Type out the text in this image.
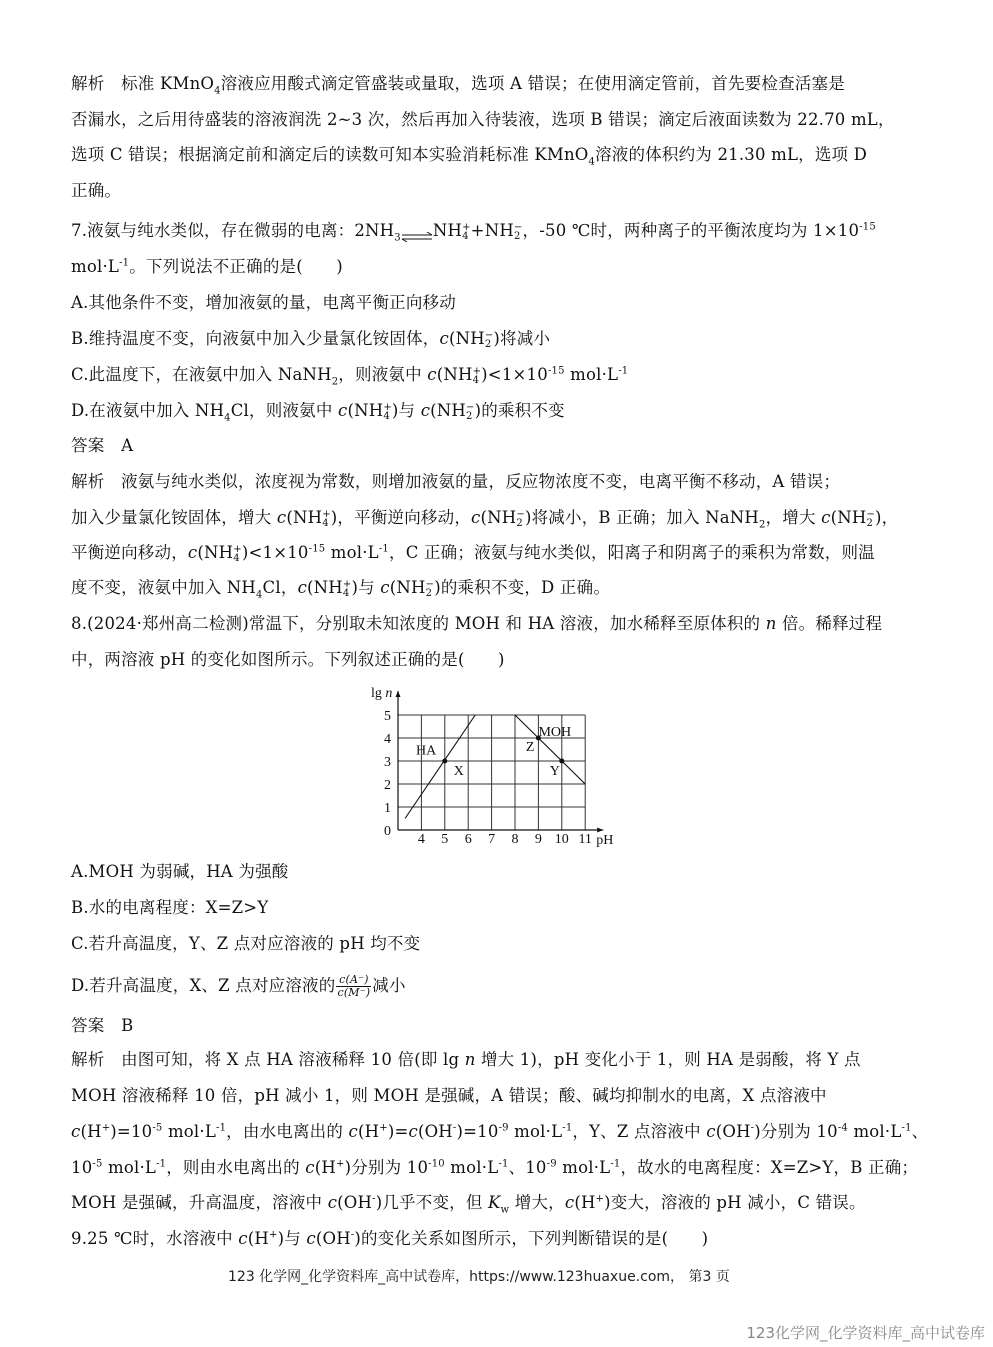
解析　标准 KMnO$_4$溶液应用酸式滴定管盛装或量取，选项 A 错误；在使用滴定管前，首先要检查活塞是
否漏水，之后用待盛装的溶液润洗 2~3 次，然后再加入待装液，选项 B 错误；滴定后液面读数为 22.70 mL，
选项 C 错误；根据滴定前和滴定后的读数可知本实验消耗标准 KMnO$_4$溶液的体积约为 21.30 mL，选项 D
正确。
7.液氨与纯水类似，存在微弱的电离：$2NH_3$ ⇌NH +
4 +NH −
2 ，-50 ℃时，两种离子的平衡浓度均为 $1\times 10^{-15}$
$mol\cdot L^{-1}$。下列说法不正确的是(　　)
A.其他条件不变，增加液氨的量，电离平衡正向移动
B.维持温度不变，向液氨中加入少量氯化铵固体，c(NH −
2 )将减小
C.此温度下，在液氨中加入 NaNH$_2$，则液氨中 c(NH +
4 )$<1\times 10^{-15}$ $mol\cdot L^{-1}$
D.在液氨中加入 $NH_4Cl$，则液氨中 c(NH +
4 )与 c(NH −
2 )的乘积不变
答案　A
解析　液氨与纯水类似，浓度视为常数，则增加液氨的量，反应物浓度不变，电离平衡不移动，A 错误；
加入少量氯化铵固体，增大 c(NH +
4 )，平衡逆向移动，c(NH −
2 )将减小，B 正确；加入 NaNH$_2$，增大 c(NH −
2 )，
平衡逆向移动，c(NH +
4 )$<1\times 10^{-15}$ $mol\cdot L^{-1}$，C 正确；液氨与纯水类似，阳离子和阴离子的乘积为常数，则温
度不变，液氨中加入 $NH_4Cl$，c(NH +
4 )与 c(NH −
2 )的乘积不变，D 正确。
8.(2024·郑州高二检测)常温下，分别取未知浓度的 MOH 和 HA 溶液，加水稀释至原体积的 n 倍。稀释过程
中，两溶液 pH 的变化如图所示。下列叙述正确的是(　　)
4 5 6 7 8 9 10 11
0
1
2
3
4
5
pH
lg n
HA
MOH
X
Z
Y
A.MOH 为弱碱，HA 为强酸
B.水的电离程度：X=Z>Y
C.若升高温度，Y、Z 点对应溶液的 pH 均不变
D.若升高温度，X、Z 点对应溶液的 $\frac{c(A^-)}{c(M^-)}$ 减小
答案　B
解析　由图可知，将 X 点 HA 溶液稀释 10 倍(即 lg n 增大 1)，pH 变化小于 1，则 HA 是弱酸，将 Y 点
MOH 溶液稀释 10 倍，pH 减小 1，则 MOH 是强碱，A 错误；酸、碱均抑制水的电离，X 点溶液中
$c(H^+)=10^{-5}$ $mol\cdot L^{-1}$，由水电离出的 $c(H^+)=c(OH^-)=10^{-9}$ $mol\cdot L^{-1}$，Y、Z 点溶液中 c(OH-)分别为 $10^{-4}$ $mol\cdot L^{-1}$、
$10^{-5}$ $mol\cdot L^{-1}$，则由水电离出的 c(H+)分别为 $10^{-10}$ $mol\cdot L^{-1}$、$10^{-9}$ $mol\cdot L^{-1}$，故水的电离程度：X=Z>Y，B 正确；
MOH 是强碱，升高温度，溶液中 c(OH-)几乎不变，但 $K_w$ 增大，c(H+)变大，溶液的 pH 减小，C 错误。
9.25 ℃时，水溶液中 c(H+)与 c(OH-)的变化关系如图所示，下列判断错误的是(　　)
123 化学网_化学资料库_高中试卷库，https://www.123huaxue.com， 第3 页
123化学网_化学资料库_高中试卷库
